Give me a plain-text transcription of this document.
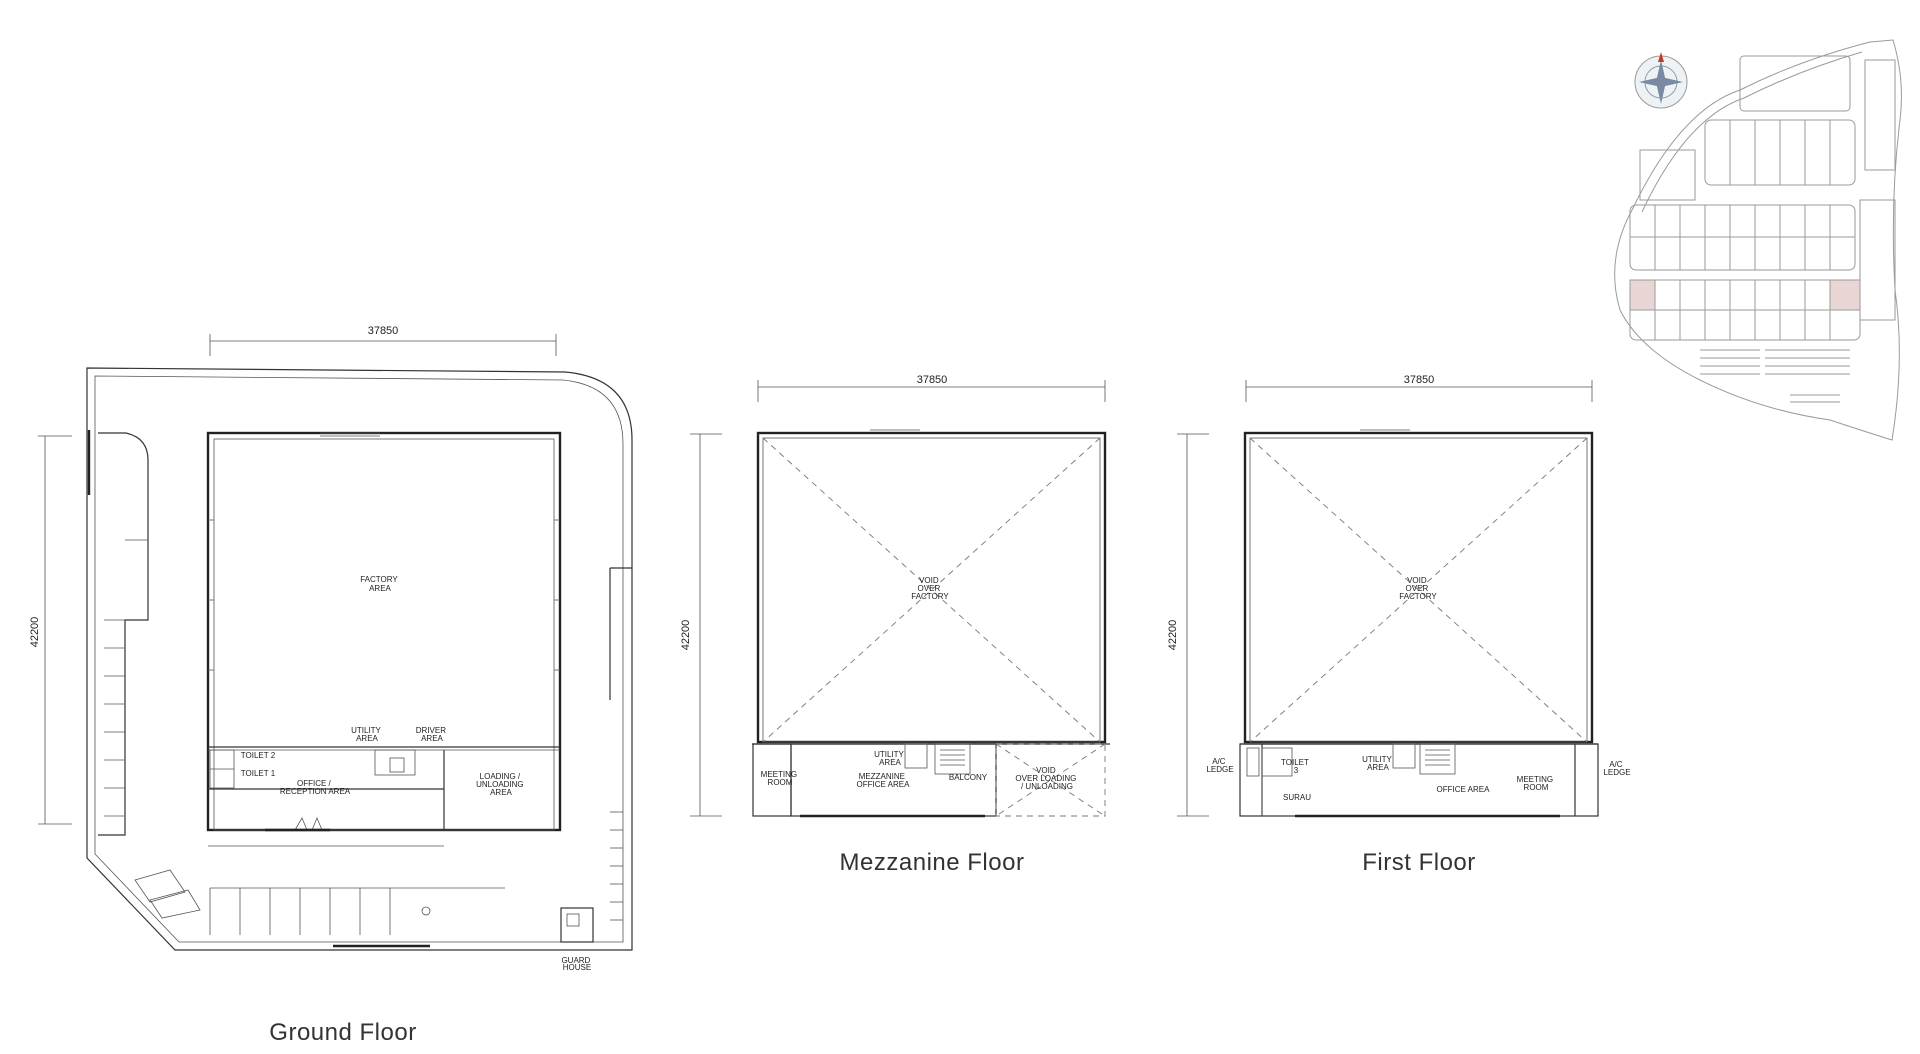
37850
42200
FACTORY AREA
UTILITY AREA
DRIVER AREA
TOILET 2
TOILET 1
OFFICE / RECEPTION AREA
LOADING / UNLOADING AREA
GUARD HOUSE
Ground Floor
37850
42200
VOID OVER FACTORY
UTILITY AREA
MEETING ROOM
MEZZANINE OFFICE AREA
BALCONY
VOID OVER LOADING / UNLOADING
Mezzanine Floor
37850
42200
VOID OVER FACTORY
A/C LEDGE
TOILET 3
UTILITY AREA
SURAU
OFFICE AREA
MEETING ROOM
A/C LEDGE
First Floor
